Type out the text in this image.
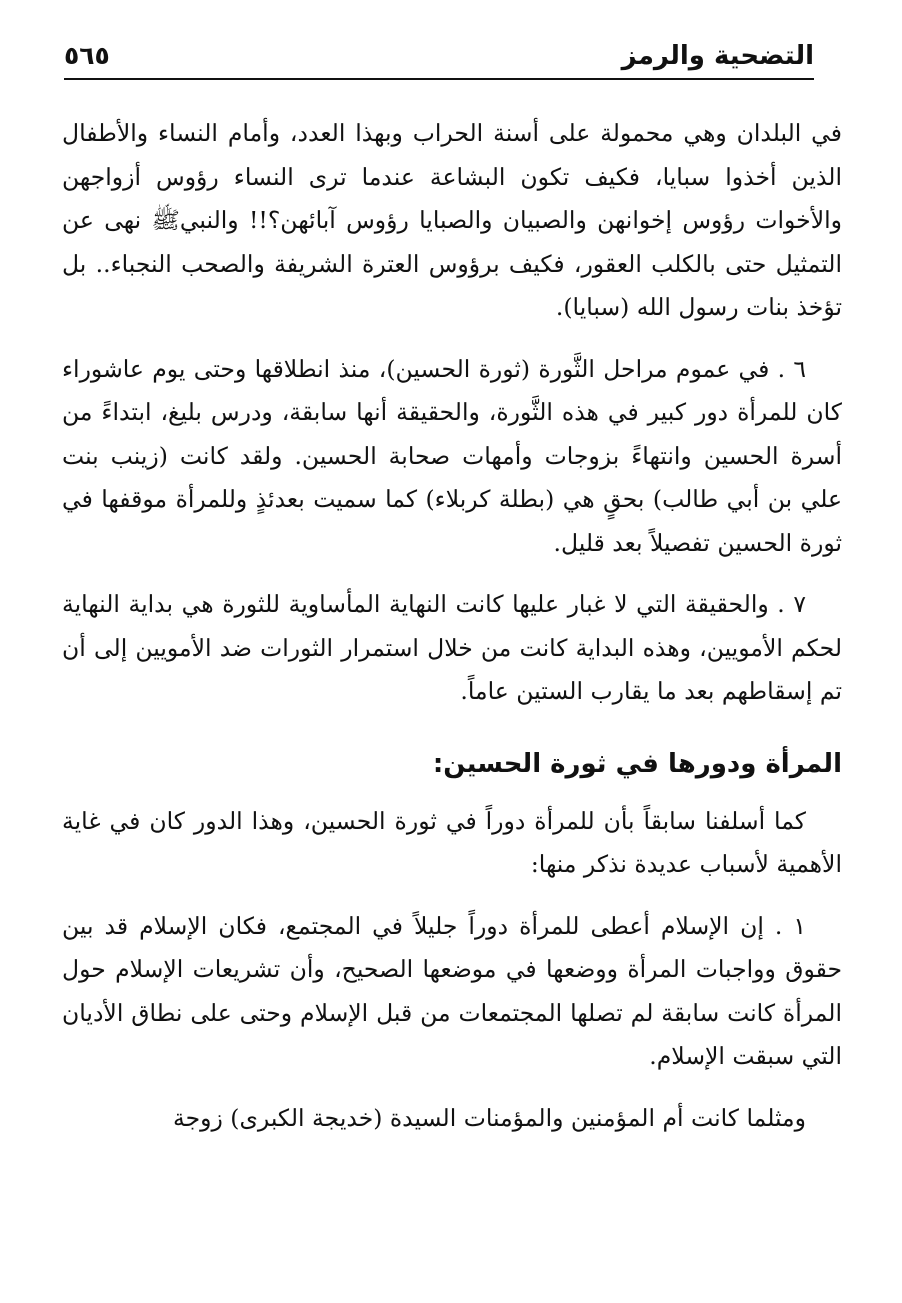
٥٦٥	التضحية والرمز

في البلدان وهي محمولة على أسنة الحراب وبهذا العدد، وأمام النساء والأطفال الذين أخذوا سبايا، فكيف تكون البشاعة عندما ترى النساء رؤوس أزواجهن والأخوات رؤوس إخوانهن والصبيان والصبايا رؤوس آبائهن؟!! والنبيﷺ نهى عن التمثيل حتى بالكلب العقور، فكيف برؤوس العترة الشريفة والصحب النجباء.. بل تؤخذ بنات رسول الله (سبايا).

٦ . في عموم مراحل الثَّورة (ثورة الحسين)، منذ انطلاقها وحتى يوم عاشوراء كان للمرأة دور كبير في هذه الثَّورة، والحقيقة أنها سابقة، ودرس بليغ، ابتداءً من أسرة الحسين وانتهاءً بزوجات وأمهات صحابة الحسين. ولقد كانت (زينب بنت علي بن أبي طالب) بحقٍ هي (بطلة كربلاء) كما سميت بعدئذٍ وللمرأة موقفها في ثورة الحسين تفصيلاً بعد قليل.

٧ . والحقيقة التي لا غبار عليها كانت النهاية المأساوية للثورة هي بداية النهاية لحكم الأمويين، وهذه البداية كانت من خلال استمرار الثورات ضد الأمويين إلى أن تم إسقاطهم بعد ما يقارب الستين عاماً.

المرأة ودورها في ثورة الحسين:

كما أسلفنا سابقاً بأن للمرأة دوراً في ثورة الحسين، وهذا الدور كان في غاية الأهمية لأسباب عديدة نذكر منها:

١ . إن الإسلام أعطى للمرأة دوراً جليلاً في المجتمع، فكان الإسلام قد بين حقوق وواجبات المرأة ووضعها في موضعها الصحيح، وأن تشريعات الإسلام حول المرأة كانت سابقة لم تصلها المجتمعات من قبل الإسلام وحتى على نطاق الأديان التي سبقت الإسلام.

ومثلما كانت أم المؤمنين والمؤمنات السيدة (خديجة الكبرى) زوجة
